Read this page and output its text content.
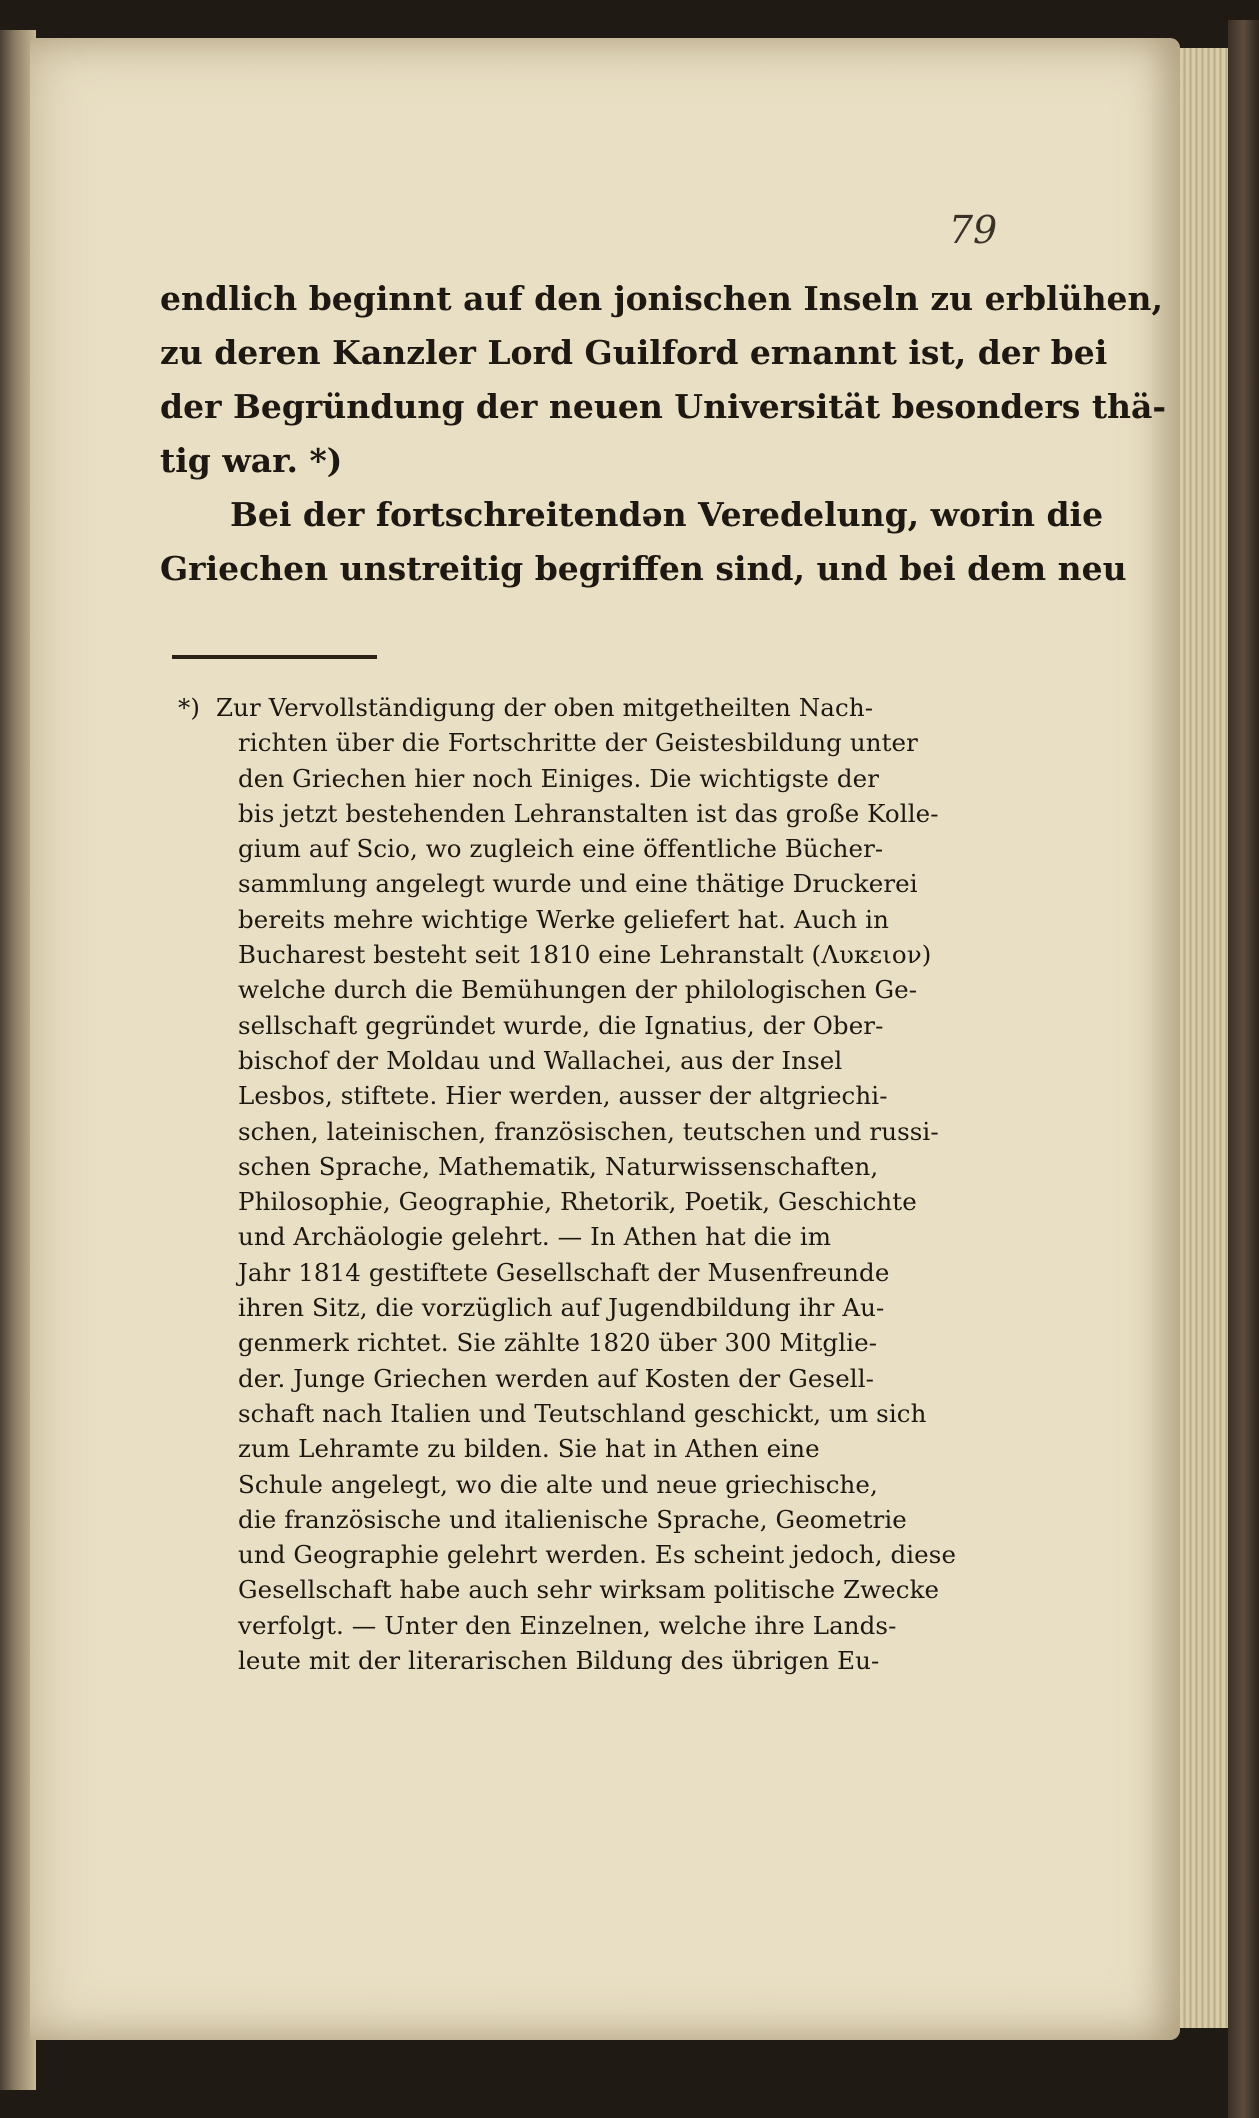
79
endlich beginnt auf den jonischen Inseln zu erblühen,
zu deren Kanzler Lord Guilford ernannt ist, der bei
der Begründung der neuen Universität besonders thä-
tig war. *)
Bei der fortschreitendən Veredelung, worin die
Griechen unstreitig begriffen sind, und bei dem neu
*) Zur Vervollständigung der oben mitgetheilten Nach-
richten über die Fortschritte der Geistesbildung unter
den Griechen hier noch Einiges. Die wichtigste der
bis jetzt bestehenden Lehranstalten ist das große Kolle-
gium auf Scio, wo zugleich eine öffentliche Bücher-
sammlung angelegt wurde und eine thätige Druckerei
bereits mehre wichtige Werke geliefert hat. Auch in
Bucharest besteht seit 1810 eine Lehranstalt (Λυκειον)
welche durch die Bemühungen der philologischen Ge-
sellschaft gegründet wurde, die Ignatius, der Ober-
bischof der Moldau und Wallachei, aus der Insel
Lesbos, stiftete. Hier werden, ausser der altgriechi-
schen, lateinischen, französischen, teutschen und russi-
schen Sprache, Mathematik, Naturwissenschaften,
Philosophie, Geographie, Rhetorik, Poetik, Geschichte
und Archäologie gelehrt. — In Athen hat die im
Jahr 1814 gestiftete Gesellschaft der Musenfreunde
ihren Sitz, die vorzüglich auf Jugendbildung ihr Au-
genmerk richtet. Sie zählte 1820 über 300 Mitglie-
der. Junge Griechen werden auf Kosten der Gesell-
schaft nach Italien und Teutschland geschickt, um sich
zum Lehramte zu bilden. Sie hat in Athen eine
Schule angelegt, wo die alte und neue griechische,
die französische und italienische Sprache, Geometrie
und Geographie gelehrt werden. Es scheint jedoch, diese
Gesellschaft habe auch sehr wirksam politische Zwecke
verfolgt. — Unter den Einzelnen, welche ihre Lands-
leute mit der literarischen Bildung des übrigen Eu-
